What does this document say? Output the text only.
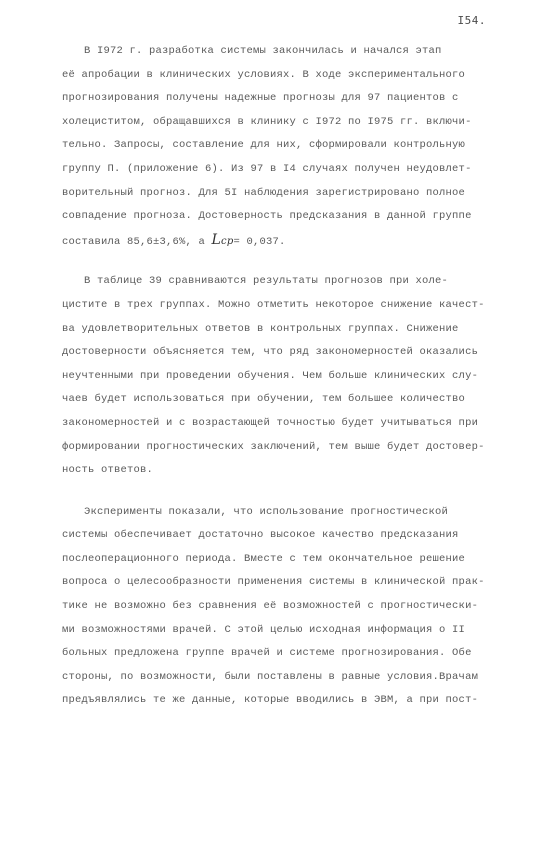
I54.
В I972 г. разработка системы закончилась и начался этап
её апробации в клинических условиях. В ходе экспериментального
прогнозирования получены надежные прогнозы для 97 пациентов с
холециститом, обращавшихся в клинику с I972 по I975 гг. включи-
тельно. Запросы, составление для них, сформировали контрольную
группу П. (приложение 6). Из 97 в I4 случаях получен неудовлет-
ворительный прогноз. Для 5I наблюдения зарегистрировано полное
совпадение прогноза. Достоверность предсказания в данной группе
составила 85,6±3,6%, а Lср= 0,037.
В таблице 39 сравниваются результаты прогнозов при холе-
циститe в трех группах. Можно отметить некоторое снижение качест-
ва удовлетворительных ответов в контрольных группах. Снижение
достоверности объясняется тем, что ряд закономерностей оказались
неучтенными при проведении обучения. Чем больше клинических слу-
чаев будет использоваться при обучении, тем большее количество
закономерностей и с возрастающей точностью будет учитываться при
формировании прогностических заключений, тем выше будет достовер-
ность ответов.
Эксперименты показали, что использование прогностической
системы обеспечивает достаточно высокое качество предсказания
послеоперационного периода. Вместе с тем окончательное решение
вопроса о целесообразности применения системы в клинической прак-
тике не возможно без сравнения её возможностей с прогностически-
ми возможностями врачей. С этой целью исходная информация о II
больных предложена группе врачей и системе прогнозирования. Обе
стороны, по возможности, были поставлены в равные условия.Врачам
предъявлялись те же данные, которые вводились в ЭВМ, а при пост-
